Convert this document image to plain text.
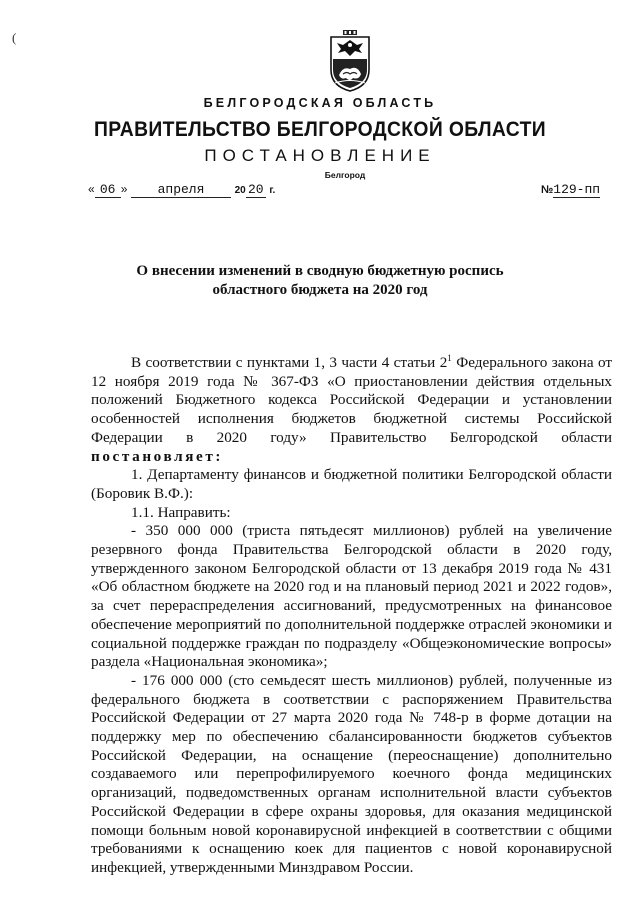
(
БЕЛГОРОДСКАЯ ОБЛАСТЬ
ПРАВИТЕЛЬСТВО БЕЛГОРОДСКОЙ ОБЛАСТИ
ПОСТАНОВЛЕНИЕ
Белгород
« 06 » апреля	20 20 г.	№129-пп
О внесении изменений в сводную бюджетную роспись
областного бюджета на 2020 год

В соответствии с пунктами 1, 3 части 4 статьи $2^1$ Федерального закона от 12 ноября 2019 года № 367-ФЗ «О приостановлении действия отдельных положений Бюджетного кодекса Российской Федерации и установлении особенностей исполнения бюджетов бюджетной системы Российской Федерации в 2020 году» Правительство Белгородской области постановляет:

1. Департаменту финансов и бюджетной политики Белгородской области (Боровик В.Ф.):

1.1. Направить:

- 350 000 000 (триста пятьдесят миллионов) рублей на увеличение резервного фонда Правительства Белгородской области в 2020 году, утвержденного законом Белгородской области от 13 декабря 2019 года № 431 «Об областном бюджете на 2020 год и на плановый период 2021 и 2022 годов», за счет перераспределения ассигнований, предусмотренных на финансовое обеспечение мероприятий по дополнительной поддержке отраслей экономики и социальной поддержке граждан по подразделу «Общеэкономические вопросы» раздела «Национальная экономика»;

- 176 000 000 (сто семьдесят шесть миллионов) рублей, полученные из федерального бюджета в соответствии с распоряжением Правительства Российской Федерации от 27 марта 2020 года № 748-р в форме дотации на поддержку мер по обеспечению сбалансированности бюджетов субъектов Российской Федерации, на оснащение (переоснащение) дополнительно создаваемого или перепрофилируемого коечного фонда медицинских организаций, подведомственных органам исполнительной власти субъектов Российской Федерации в сфере охраны здоровья, для оказания медицинской помощи больным новой коронавирусной инфекцией в соответствии с общими требованиями к оснащению коек для пациентов с новой коронавирусной инфекцией, утвержденными Минздравом России.
